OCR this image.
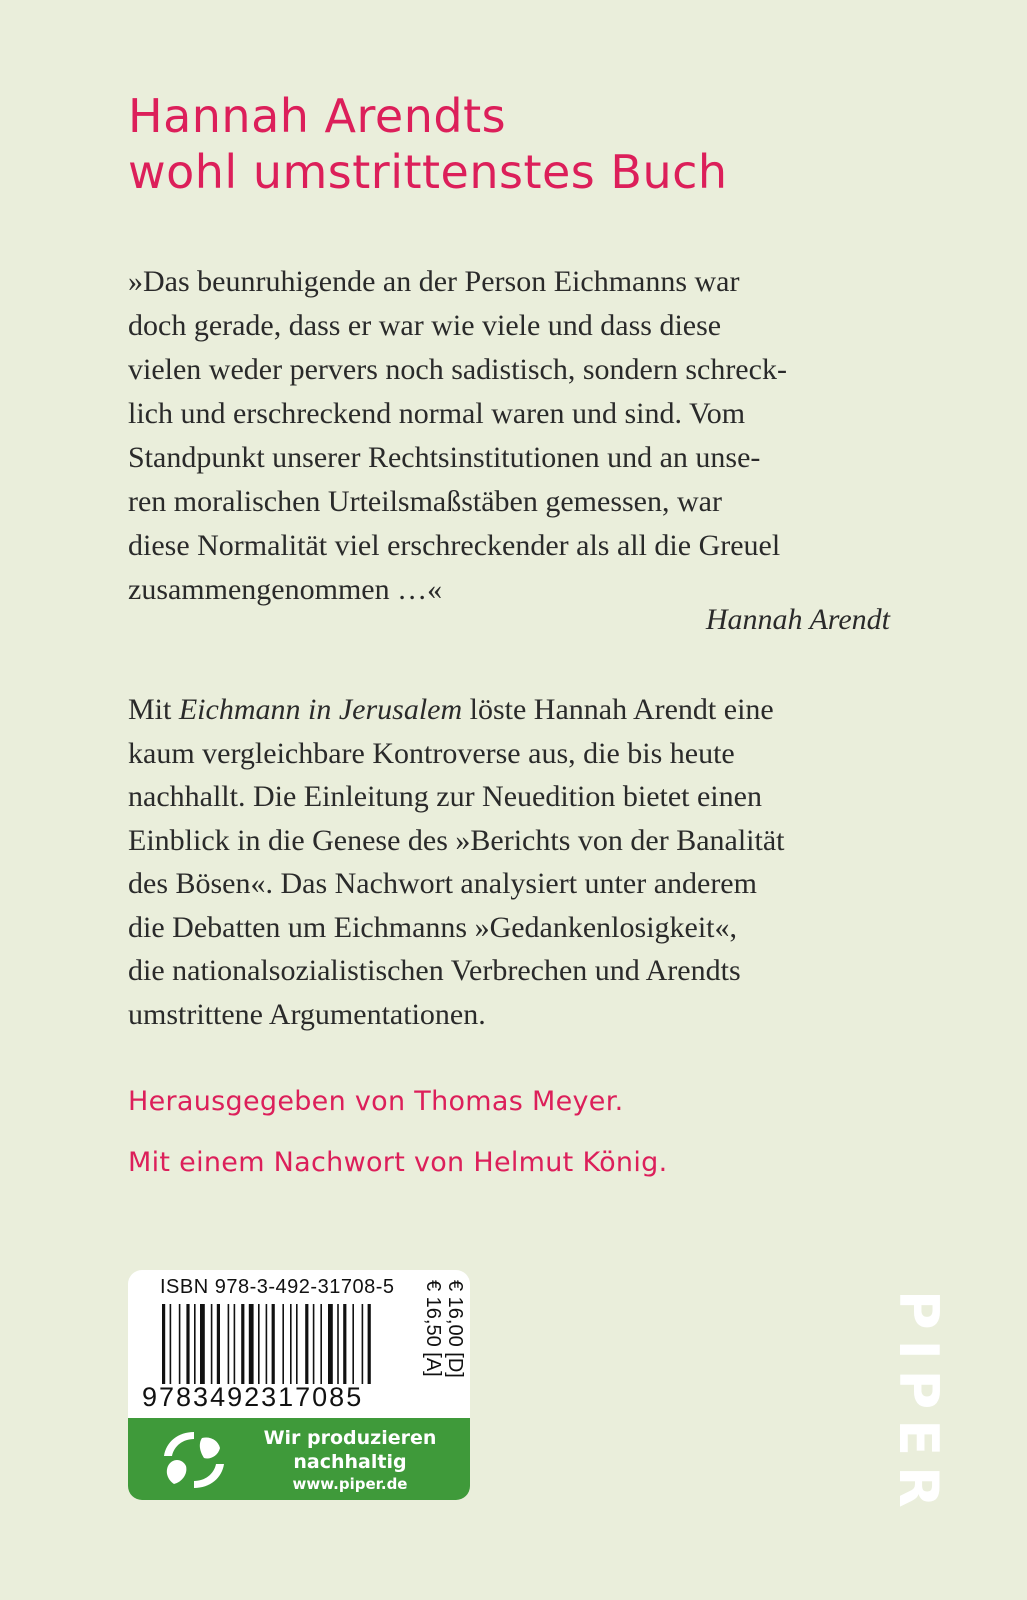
Hannah Arendts
wohl umstrittenstes Buch
»Das beunruhigende an der Person Eichmanns war
doch gerade, dass er war wie viele und dass diese
vielen weder pervers noch sadistisch, sondern schreck-
lich und erschreckend normal waren und sind. Vom
Standpunkt unserer Rechtsinstitutionen und an unse-
ren moralischen Urteilsmaßstäben gemessen, war
diese Normalität viel erschreckender als all die Greuel
zusammengenommen …«
Hannah Arendt
Mit Eichmann in Jerusalem löste Hannah Arendt eine
kaum vergleichbare Kontroverse aus, die bis heute
nachhallt. Die Einleitung zur Neuedition bietet einen
Einblick in die Genese des »Berichts von der Banalität
des Bösen«. Das Nachwort analysiert unter anderem
die Debatten um Eichmanns »Gedankenlosigkeit«,
die nationalsozialistischen Verbrechen und Arendts
umstrittene Argumentationen.
Herausgegeben von Thomas Meyer.
Mit einem Nachwort von Helmut König.
ISBN 978-3-492-31708-5
9783492317085
€ 16,00 [D]
€ 16,50 [A]
Wir produzieren
nachhaltig
www.piper.de	PIPER
